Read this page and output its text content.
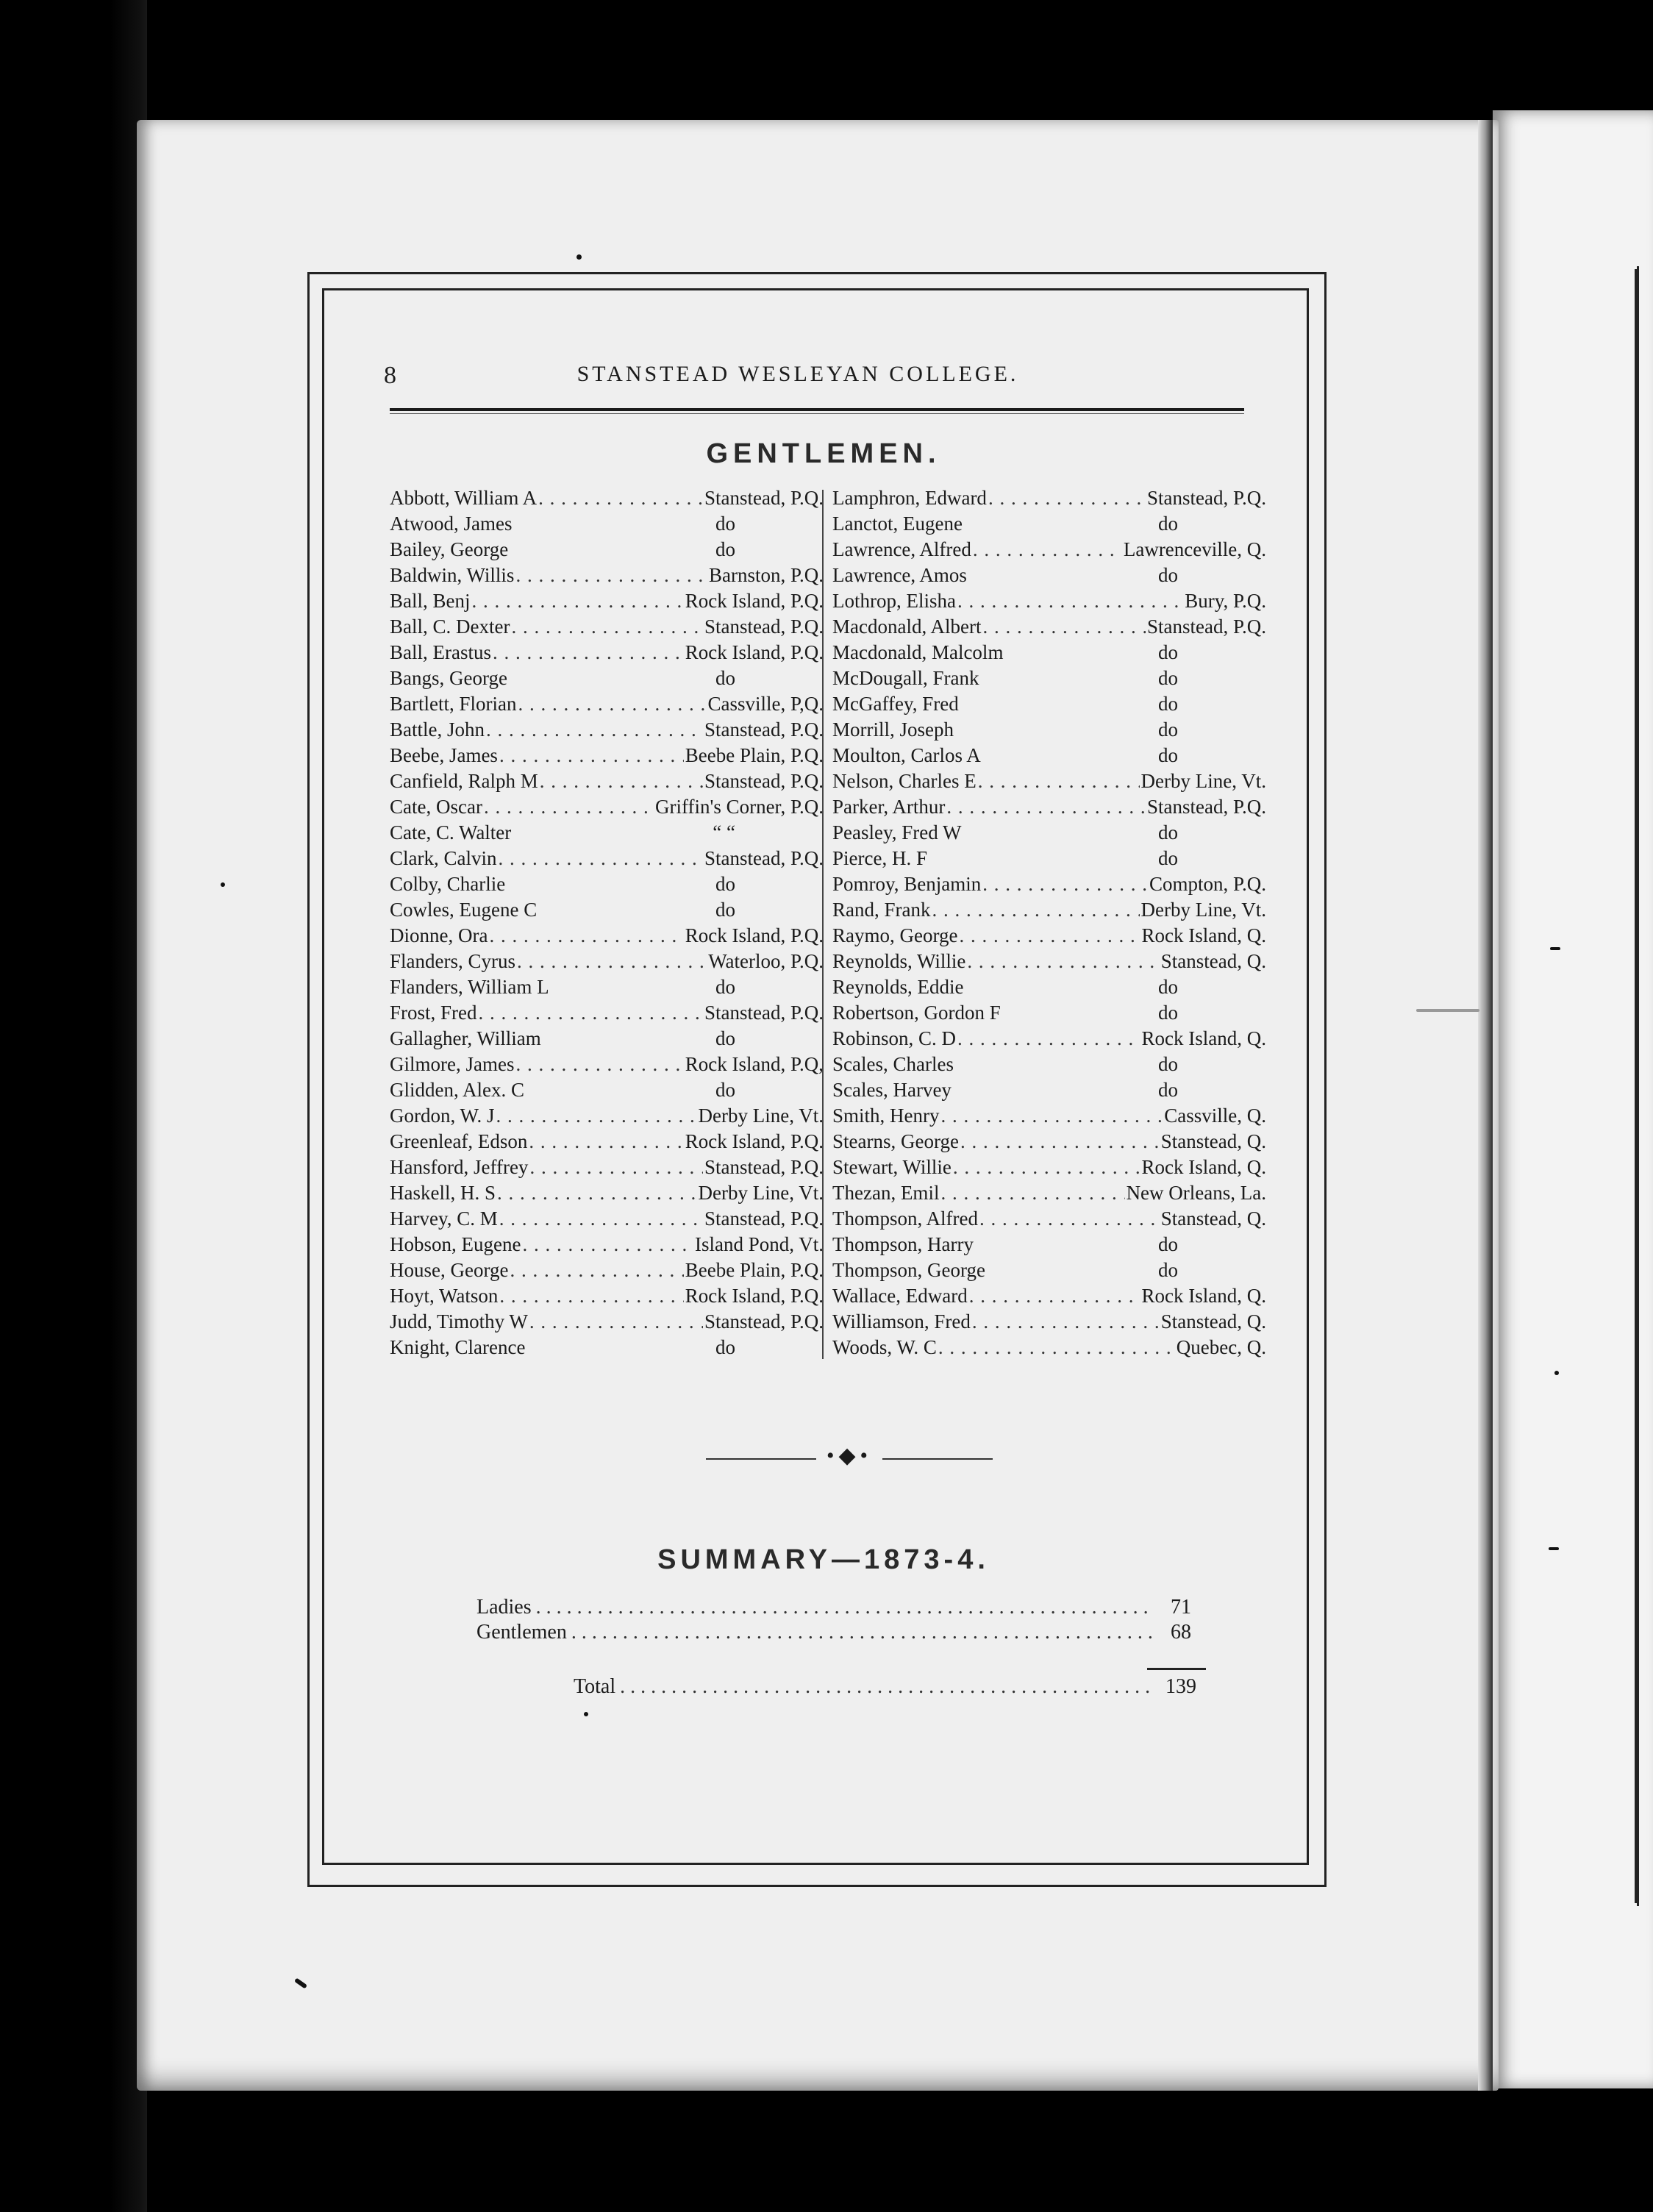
8	STANSTEAD WESLEYAN COLLEGE.
GENTLEMEN.
Abbott, William A . . .	Stanstead, P.Q.
Atwood, James	do
Bailey, George	do
Baldwin, Willis . . .	Barnston, P.Q.
Ball, Benj . . .	Rock Island, P.Q.
Ball, C. Dexter . . .	Stanstead, P.Q.
Ball, Erastus . . .	Rock Island, P.Q.
Bangs, George	do
Bartlett, Florian . . .	Cassville, P,Q.
Battle, John . . .	Stanstead, P.Q.
Beebe, James . . .	Beebe Plain, P.Q.
Canfield, Ralph M . . .	Stanstead, P.Q.
Cate, Oscar . . .	Griffin's Corner, P.Q.
Cate, C. Walter	“ “
Clark, Calvin . . .	Stanstead, P.Q.
Colby, Charlie	do
Cowles, Eugene C	do
Dionne, Ora . . .	Rock Island, P.Q.
Flanders, Cyrus . . .	Waterloo, P.Q.
Flanders, William L	do
Frost, Fred . . .	Stanstead, P.Q.
Gallagher, William	do
Gilmore, James . . .	Rock Island, P.Q,
Glidden, Alex. C	do
Gordon, W. J . . .	Derby Line, Vt.
Greenleaf, Edson . . .	Rock Island, P.Q.
Hansford, Jeffrey . . .	Stanstead, P.Q.
Haskell, H. S . . .	Derby Line, Vt.
Harvey, C. M . . .	Stanstead, P.Q.
Hobson, Eugene . . .	Island Pond, Vt.
House, George . . .	Beebe Plain, P.Q.
Hoyt, Watson . . .	Rock Island, P.Q.
Judd, Timothy W . . .	Stanstead, P.Q.
Knight, Clarence	do
Lamphron, Edward . . .	Stanstead, P.Q.
Lanctot, Eugene	do
Lawrence, Alfred . . .	Lawrenceville, Q.
Lawrence, Amos	do
Lothrop, Elisha . . .	Bury, P.Q.
Macdonald, Albert . . .	Stanstead, P.Q.
Macdonald, Malcolm	do
McDougall, Frank	do
McGaffey, Fred	do
Morrill, Joseph	do
Moulton, Carlos A	do
Nelson, Charles E . . .	Derby Line, Vt.
Parker, Arthur . . .	Stanstead, P.Q.
Peasley, Fred W	do
Pierce, H. F	do
Pomroy, Benjamin . . .	Compton, P.Q.
Rand, Frank . . .	Derby Line, Vt.
Raymo, George . . .	Rock Island, Q.
Reynolds, Willie . . .	Stanstead, Q.
Reynolds, Eddie	do
Robertson, Gordon F	do
Robinson, C. D . . .	Rock Island, Q.
Scales, Charles	do
Scales, Harvey	do
Smith, Henry . . .	Cassville, Q.
Stearns, George . . .	Stanstead, Q.
Stewart, Willie . . .	Rock Island, Q.
Thezan, Emil . . .	New Orleans, La.
Thompson, Alfred . . .	Stanstead, Q.
Thompson, Harry	do
Thompson, George	do
Wallace, Edward . . .	Rock Island, Q.
Williamson, Fred . . .	Stanstead, Q.
Woods, W. C . . .	Quebec, Q.
•◆•
SUMMARY—1873-4.
Ladies . . .	71
Gentlemen . . .	68
Total . . .	139
